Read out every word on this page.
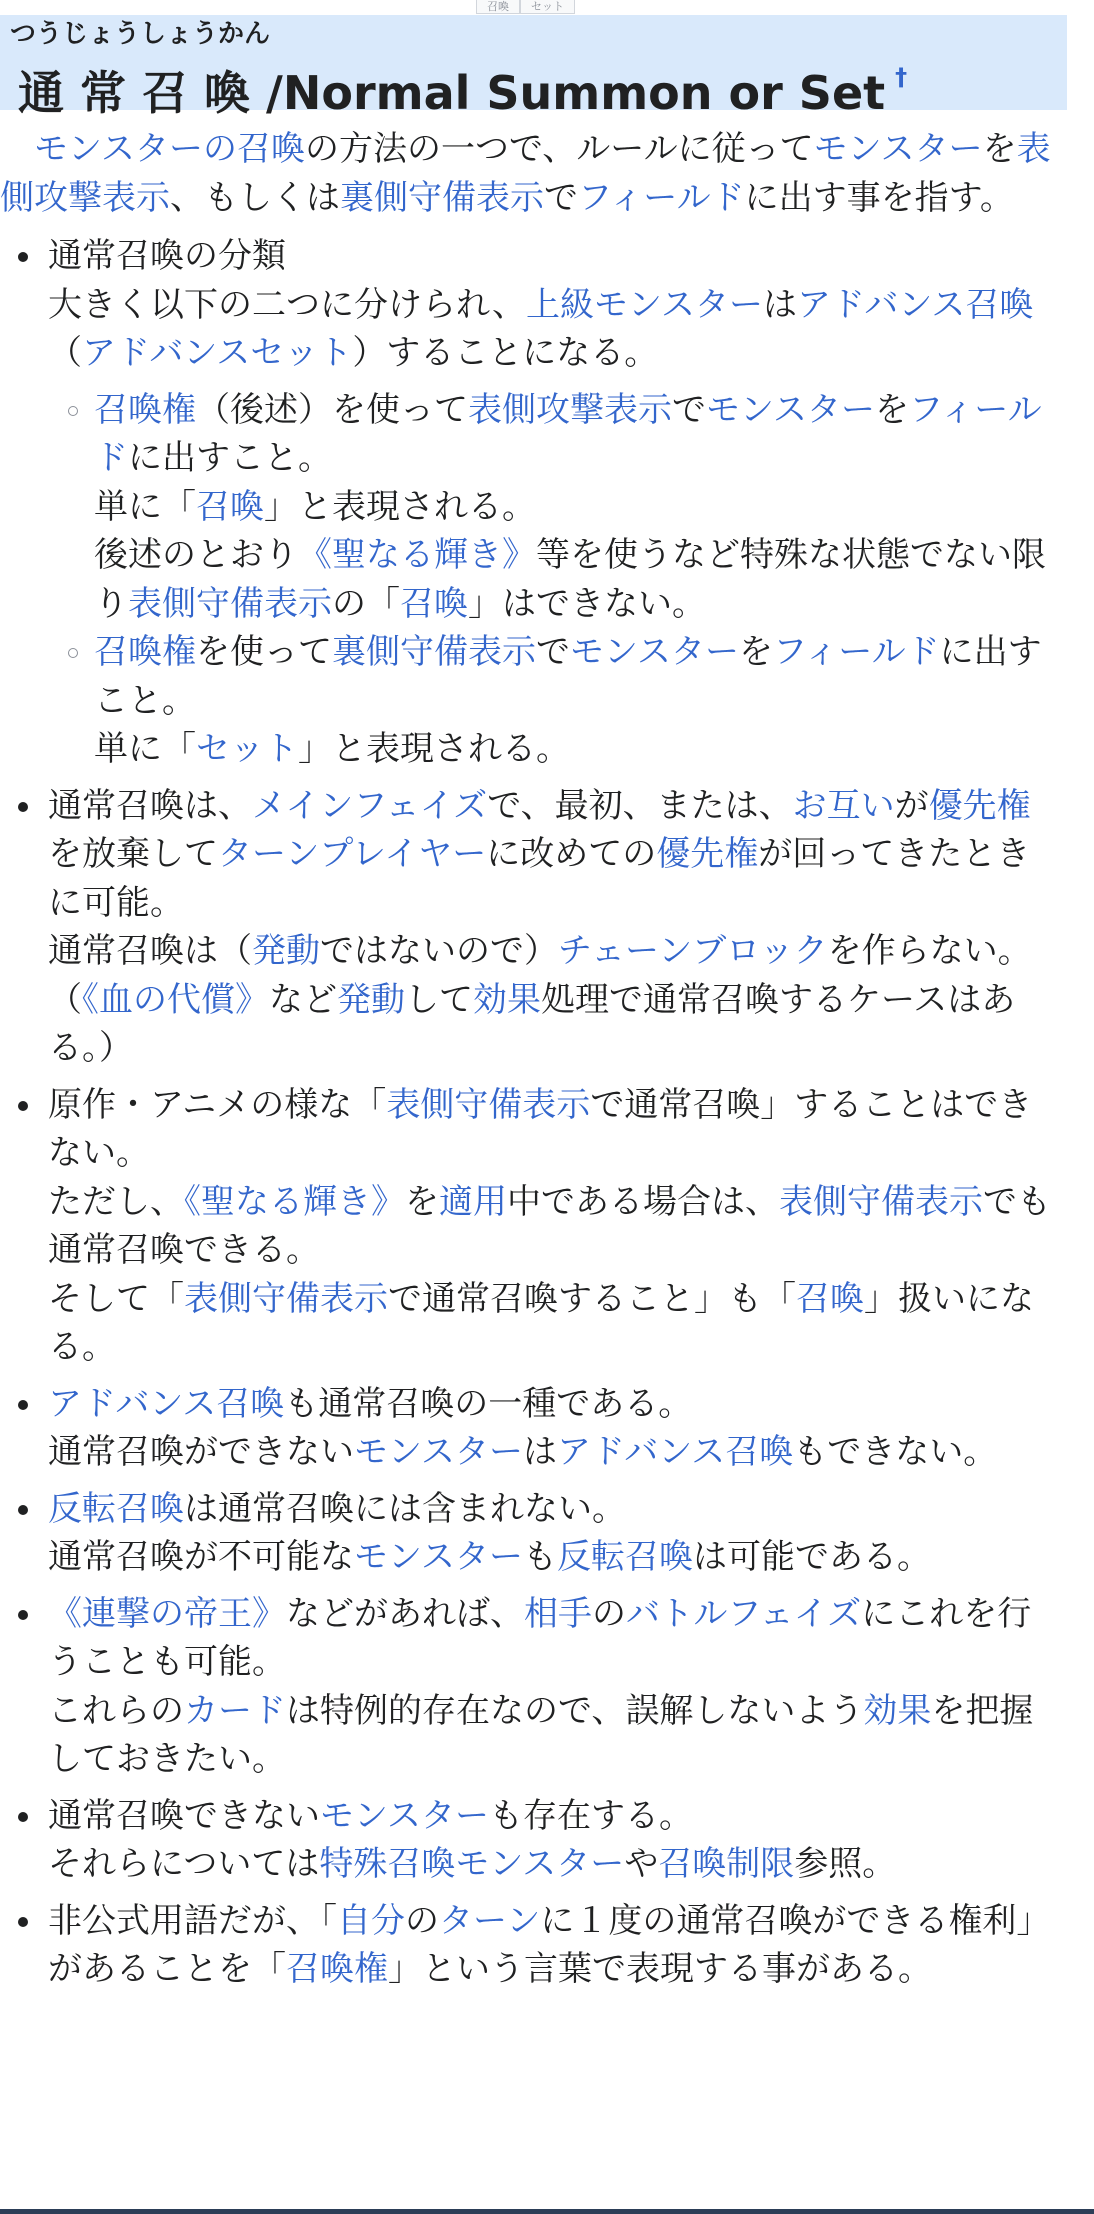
召喚	セット
つうじょうしょうかん
通 常 召 喚 /Normal Summon or Set †

　モンスターの召喚の方法の一つで、ルールに従ってモンスターを表側攻撃表示、もしくは裏側守備表示でフィールドに出す事を指す。

通常召喚の分類
大きく以下の二つに分けられ、上級モンスターはアドバンス召喚（アドバンスセット）することになる。
召喚権（後述）を使って表側攻撃表示でモンスターをフィールドに出すこと。
単に「召喚」と表現される。
後述のとおり《聖なる輝き》等を使うなど特殊な状態でない限り表側守備表示の「召喚」はできない。
召喚権を使って裏側守備表示でモンスターをフィールドに出すこと。
単に「セット」と表現される。
通常召喚は、メインフェイズで、最初、または、お互いが優先権を放棄してターンプレイヤーに改めての優先権が回ってきたときに可能。
通常召喚は（発動ではないので）チェーンブロックを作らない。
（《血の代償》など発動して効果処理で通常召喚するケースはある。）
原作・アニメの様な「表側守備表示で通常召喚」することはできない。
ただし、《聖なる輝き》を適用中である場合は、表側守備表示でも通常召喚できる。
そして「表側守備表示で通常召喚すること」も「召喚」扱いになる。
アドバンス召喚も通常召喚の一種である。
通常召喚ができないモンスターはアドバンス召喚もできない。
反転召喚は通常召喚には含まれない。
通常召喚が不可能なモンスターも反転召喚は可能である。
《連撃の帝王》などがあれば、相手のバトルフェイズにこれを行うことも可能。
これらのカードは特例的存在なので、誤解しないよう効果を把握しておきたい。
通常召喚できないモンスターも存在する。
それらについては特殊召喚モンスターや召喚制限参照。
非公式用語だが、「自分のターンに１度の通常召喚ができる権利」があることを「召喚権」という言葉で表現する事がある。
